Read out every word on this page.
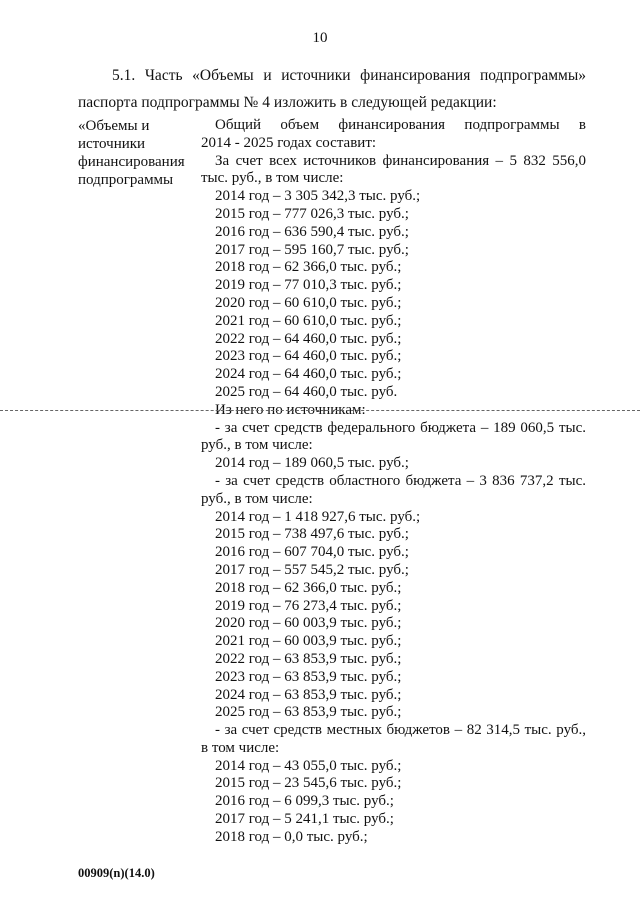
10
5.1. Часть «Объемы и источники финансирования подпрограммы»
паспорта подпрограммы № 4 изложить в следующей редакции:
«Объемы и
источники
финансирования
подпрограммы
Общий объем финансирования подпрограммы в
2014 - 2025 годах составит:
За счет всех источников финансирования – 5 832 556,0
тыс. руб., в том числе:
2014 год – 3 305 342,3 тыс. руб.;
2015 год – 777 026,3 тыс. руб.;
2016 год – 636 590,4 тыс. руб.;
2017 год – 595 160,7 тыс. руб.;
2018 год – 62 366,0 тыс. руб.;
2019 год – 77 010,3 тыс. руб.;
2020 год – 60 610,0 тыс. руб.;
2021 год – 60 610,0 тыс. руб.;
2022 год – 64 460,0 тыс. руб.;
2023 год – 64 460,0 тыс. руб.;
2024 год – 64 460,0 тыс. руб.;
2025 год – 64 460,0 тыс. руб.
Из него по источникам:
- за счет средств федерального бюджета – 189 060,5 тыс.
руб., в том числе:
2014 год – 189 060,5 тыс. руб.;
- за счет средств областного бюджета – 3 836 737,2 тыс.
руб., в том числе:
2014 год – 1 418 927,6 тыс. руб.;
2015 год – 738 497,6 тыс. руб.;
2016 год – 607 704,0 тыс. руб.;
2017 год – 557 545,2 тыс. руб.;
2018 год – 62 366,0 тыс. руб.;
2019 год – 76 273,4 тыс. руб.;
2020 год – 60 003,9 тыс. руб.;
2021 год – 60 003,9 тыс. руб.;
2022 год – 63 853,9 тыс. руб.;
2023 год – 63 853,9 тыс. руб.;
2024 год – 63 853,9 тыс. руб.;
2025 год – 63 853,9 тыс. руб.;
- за счет средств местных бюджетов – 82 314,5 тыс. руб.,
в том числе:
2014 год – 43 055,0 тыс. руб.;
2015 год – 23 545,6 тыс. руб.;
2016 год – 6 099,3 тыс. руб.;
2017 год – 5 241,1 тыс. руб.;
2018 год – 0,0 тыс. руб.;
00909(n)(14.0)
